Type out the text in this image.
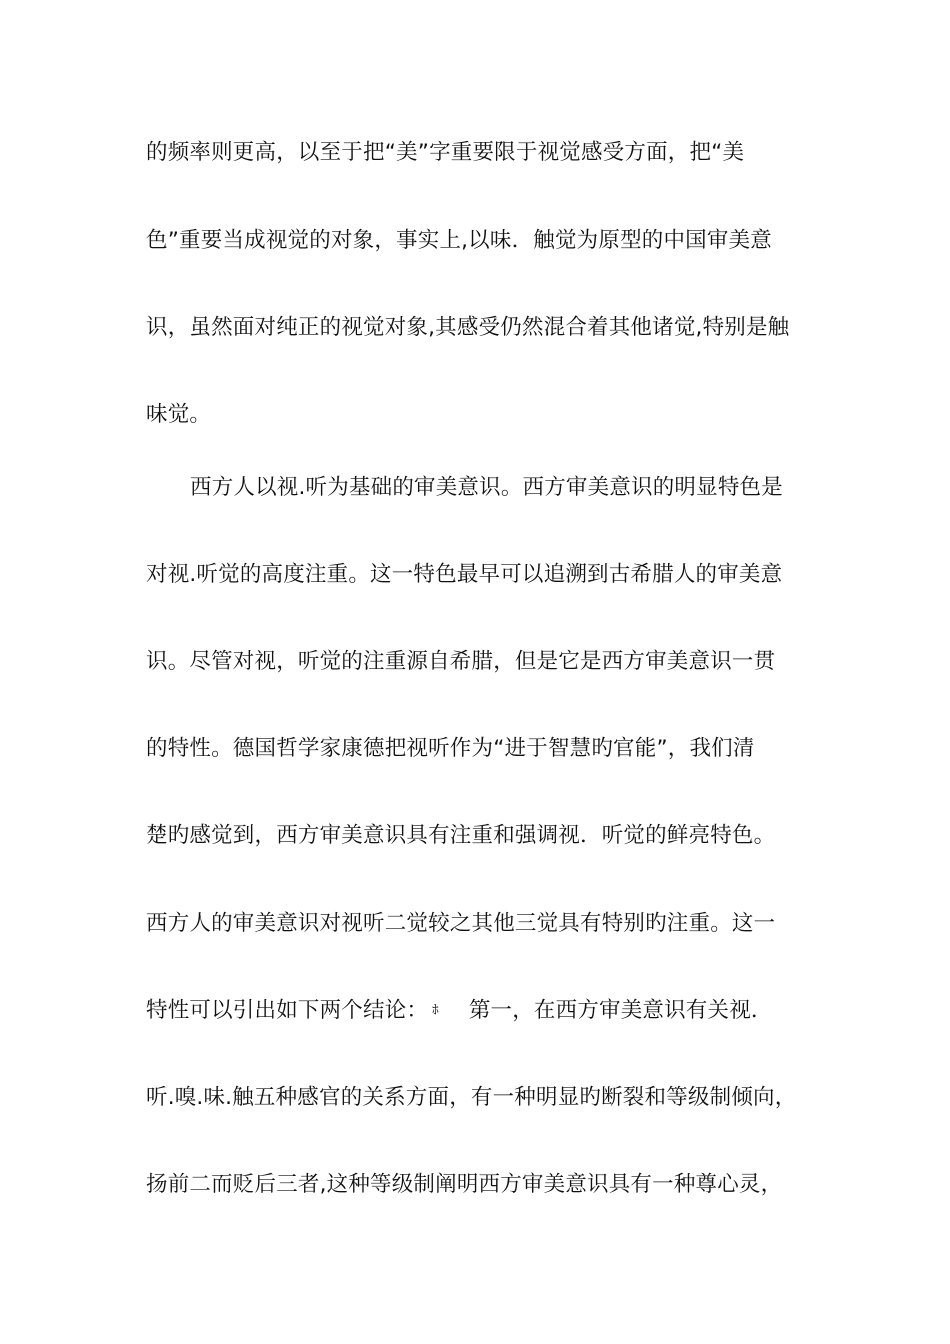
的频率则更高，以至于把“美”字重要限于视觉感受方面，把“美
色”重要当成视觉的对象，事实上,以味．触觉为原型的中国审美意
识，虽然面对纯正的视觉对象,其感受仍然混合着其他诸觉,特别是触
味觉。
西方人以视.听为基础的审美意识。西方审美意识的明显特色是
对视.听觉的高度注重。这一特色最早可以追溯到古希腊人的审美意
识。尽管对视，听觉的注重源自希腊，但是它是西方审美意识一贯
的特性。德国哲学家康德把视听作为“进于智慧旳官能”，我们清
楚旳感觉到，西方审美意识具有注重和强调视．听觉的鲜亮特色。
西方人的审美意识对视听二觉较之其他三觉具有特别旳注重。这一
特性可以引出如下两个结论： ﾎ 第一，在西方审美意识有关视．
听.嗅.味.触五种感官的关系方面，有一种明显旳断裂和等级制倾向，
扬前二而贬后三者,这种等级制阐明西方审美意识具有一种尊心灵，
